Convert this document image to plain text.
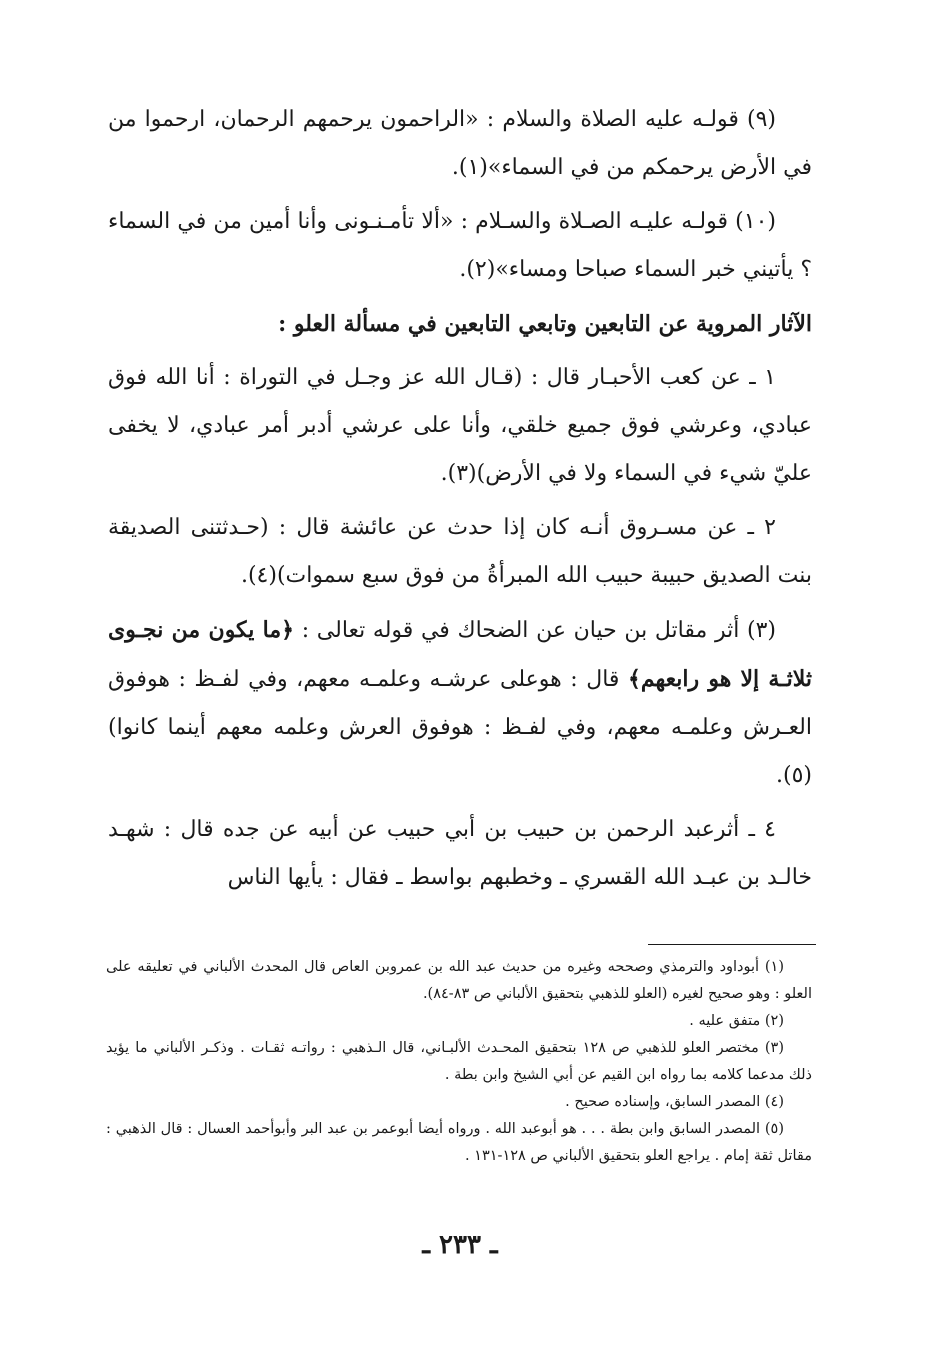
(٩) قولـه عليه الصلاة والسلام : «الراحمون يرحمهم الرحمان، ارحموا من في الأرض يرحمكم من في السماء»(١).

(١٠) قولـه عليـه الصـلاة والسـلام : «ألا تأمـنـونى وأنا أمين من في السماء ؟ يأتيني خبر السماء صباحا ومساء»(٢).

الآثار المروية عن التابعين وتابعي التابعين في مسألة العلو :

١ ـ عن كعب الأحبـار قال : (قـال الله عز وجـل في التوراة : أنا الله فوق عبادي، وعرشي فوق جميع خلقي، وأنا على عرشي أدبر أمر عبادي، لا يخفى عليّ شيء في السماء ولا في الأرض)(٣).

٢ ـ عن مسـروق أنـه كان إذا حدث عن عائشة قال : (حـدثتنى الصديقة بنت الصديق حبيبة حبيب الله المبرأةُ من فوق سبع سموات)(٤).

(٣) أثر مقاتل بن حيان عن الضحاك في قوله تعالى : ﴿ما يكون من نجـوى ثلاثـة إلا هو رابعهم﴾ قال : هوعلى عرشـه وعلمـه معهم، وفي لفـظ : هوفوق العـرش وعلمـه معهم، وفي لفـظ : هوفوق العرش وعلمه معهم أينما كانوا)(٥).

٤ ـ أثرعبد الرحمن بن حبيب بن أبي حبيب عن أبيه عن جده قال : شهـد خالـد بن عبـد الله القسري ـ وخطبهم بواسط ـ فقال : يأيها الناس

(١) أبوداود والترمذي وصححه وغيره من حديث عبد الله بن عمروبن العاص قال المحدث الألباني في تعليقه على العلو : وهو صحيح لغيره (العلو للذهبي بتحقيق الألباني ص ٨٣-٨٤).

(٢) متفق عليه .

(٣) مختصر العلو للذهبي ص ١٢٨ بتحقيق المحـدث الألبـاني، قال الـذهبي : رواتـه ثقـات . وذكـر الألباني ما يؤيد ذلك مدعما كلامه بما رواه ابن القيم عن أبي الشيخ وابن بطة .

(٤) المصدر السابق، وإسناده صحيح .

(٥) المصدر السابق وابن بطة . . . هو أبوعبد الله . ورواه أيضا أبوعمر بن عبد البر وأبوأحمد العسال : قال الذهبي : مقاتل ثقة إمام . يراجع العلو بتحقيق الألباني ص ١٢٨-١٣١ .

ـ ٢٣٣ ـ
